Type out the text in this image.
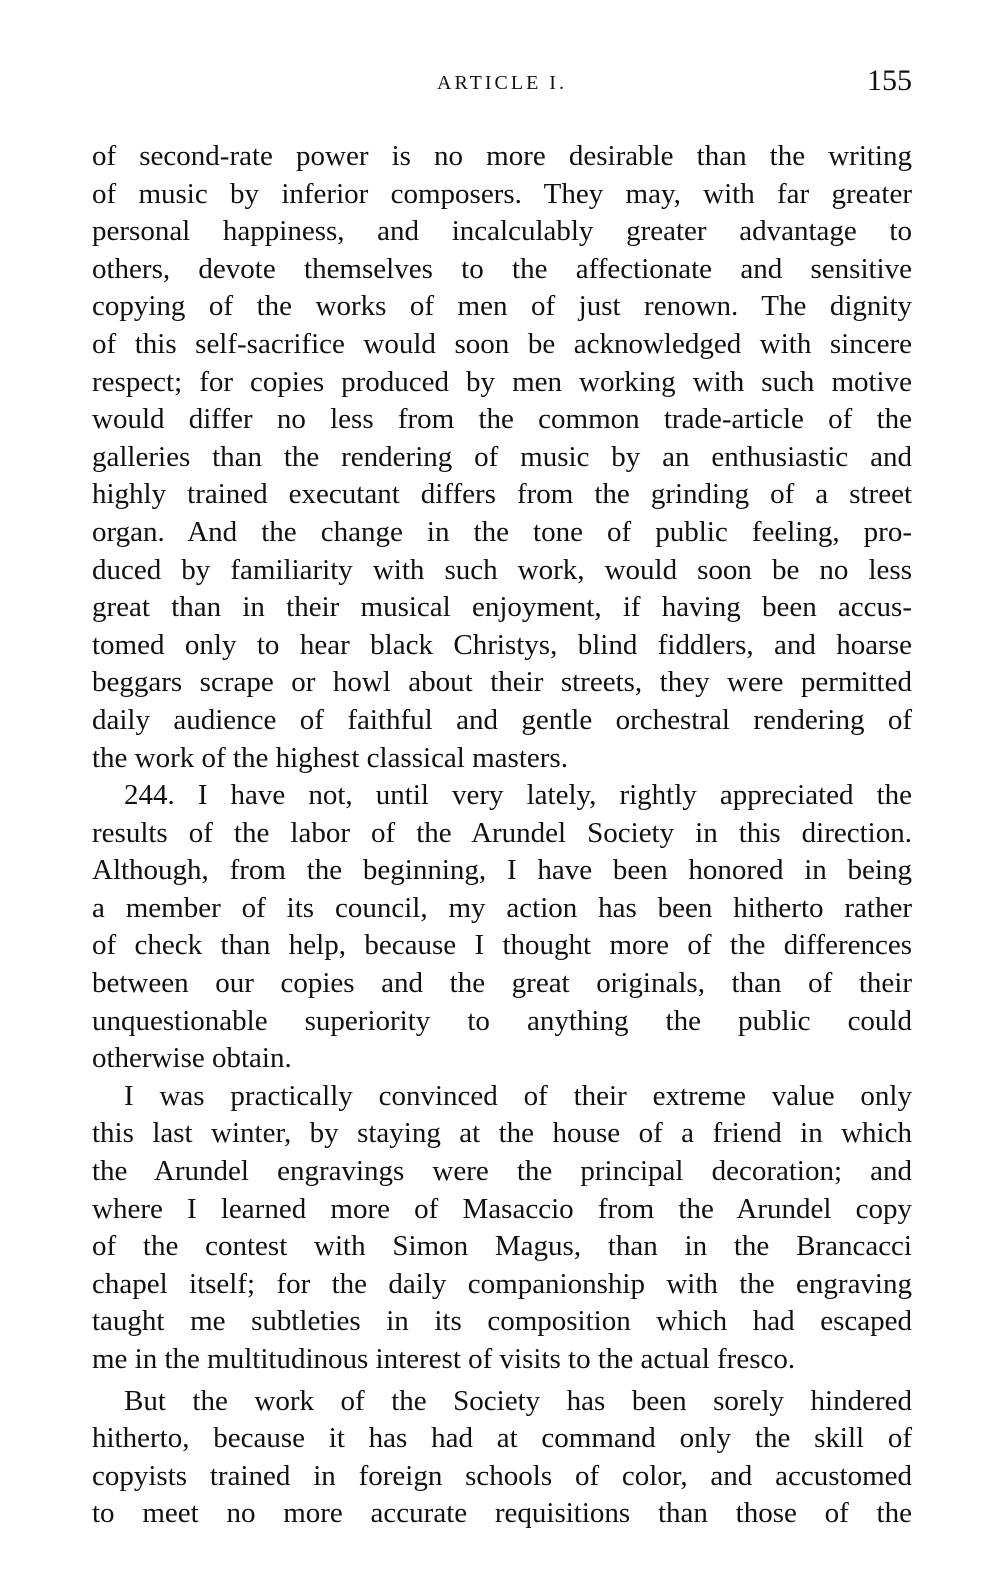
ARTICLE I.	155
of second-rate power is no more desirable than the writing
of music by inferior composers. They may, with far greater
personal happiness, and incalculably greater advantage to
others, devote themselves to the affectionate and sensitive
copying of the works of men of just renown. The dignity
of this self-sacrifice would soon be acknowledged with sincere
respect; for copies produced by men working with such motive
would differ no less from the common trade-article of the
galleries than the rendering of music by an enthusiastic and
highly trained executant differs from the grinding of a street
organ. And the change in the tone of public feeling, pro-
duced by familiarity with such work, would soon be no less
great than in their musical enjoyment, if having been accus-
tomed only to hear black Christys, blind fiddlers, and hoarse
beggars scrape or howl about their streets, they were permitted
daily audience of faithful and gentle orchestral rendering of
the work of the highest classical masters.
244. I have not, until very lately, rightly appreciated the
results of the labor of the Arundel Society in this direction.
Although, from the beginning, I have been honored in being
a member of its council, my action has been hitherto rather
of check than help, because I thought more of the differences
between our copies and the great originals, than of their
unquestionable superiority to anything the public could
otherwise obtain.
I was practically convinced of their extreme value only
this last winter, by staying at the house of a friend in which
the Arundel engravings were the principal decoration; and
where I learned more of Masaccio from the Arundel copy
of the contest with Simon Magus, than in the Brancacci
chapel itself; for the daily companionship with the engraving
taught me subtleties in its composition which had escaped
me in the multitudinous interest of visits to the actual fresco.
But the work of the Society has been sorely hindered
hitherto, because it has had at command only the skill of
copyists trained in foreign schools of color, and accustomed
to meet no more accurate requisitions than those of the
